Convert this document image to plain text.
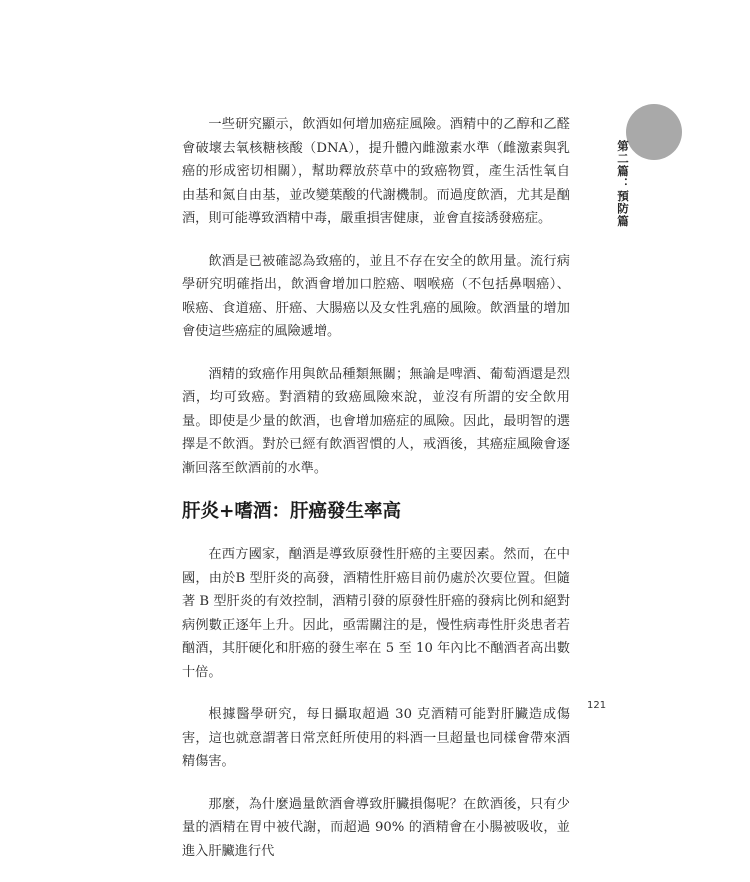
第二篇：預防篇

一些研究顯示，飲酒如何增加癌症風險。酒精中的乙醇和乙醛會破壞去氧核糖核酸（DNA），提升體內雌激素水準（雌激素與乳癌的形成密切相關），幫助釋放菸草中的致癌物質，產生活性氧自由基和氮自由基，並改變葉酸的代謝機制。而過度飲酒，尤其是酗酒，則可能導致酒精中毒，嚴重損害健康，並會直接誘發癌症。

飲酒是已被確認為致癌的，並且不存在安全的飲用量。流行病學研究明確指出，飲酒會增加口腔癌、咽喉癌（不包括鼻咽癌）、喉癌、食道癌、肝癌、大腸癌以及女性乳癌的風險。飲酒量的增加會使這些癌症的風險遞增。

酒精的致癌作用與飲品種類無關；無論是啤酒、葡萄酒還是烈酒，均可致癌。對酒精的致癌風險來說，並沒有所謂的安全飲用量。即使是少量的飲酒，也會增加癌症的風險。因此，最明智的選擇是不飲酒。對於已經有飲酒習慣的人，戒酒後，其癌症風險會逐漸回落至飲酒前的水準。

肝炎+嗜酒：肝癌發生率高

在西方國家，酗酒是導致原發性肝癌的主要因素。然而，在中國，由於B 型肝炎的高發，酒精性肝癌目前仍處於次要位置。但隨著 B 型肝炎的有效控制，酒精引發的原發性肝癌的發病比例和絕對病例數正逐年上升。因此，亟需關注的是，慢性病毒性肝炎患者若酗酒，其肝硬化和肝癌的發生率在 5 至 10 年內比不酗酒者高出數十倍。

根據醫學研究，每日攝取超過 30 克酒精可能對肝臟造成傷害，這也就意謂著日常烹飪所使用的料酒一旦超量也同樣會帶來酒精傷害。

那麼，為什麼過量飲酒會導致肝臟損傷呢？在飲酒後，只有少量的酒精在胃中被代謝，而超過 90% 的酒精會在小腸被吸收，並進入肝臟進行代

121
